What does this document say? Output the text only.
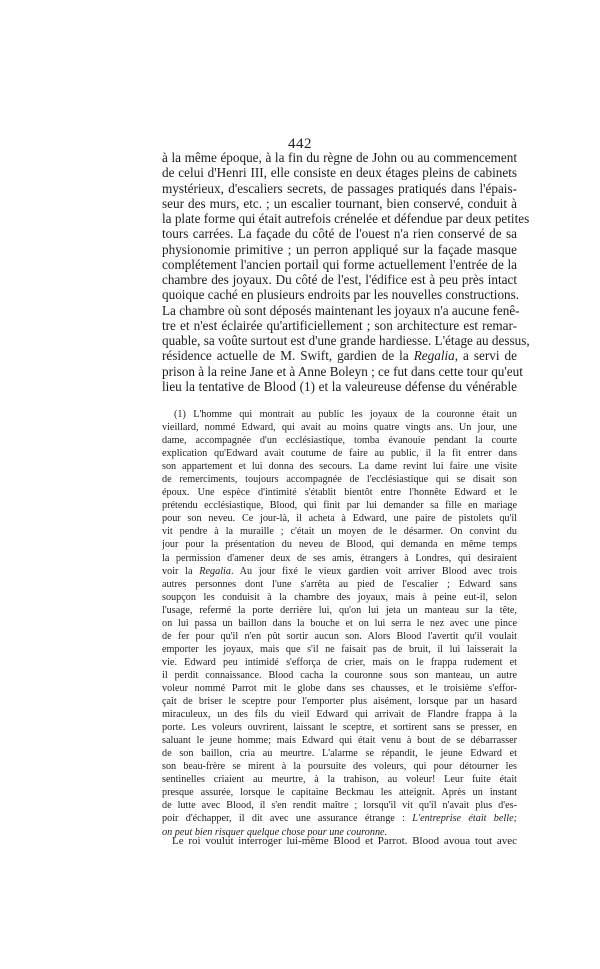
442
à la même époque, à la fin du règne de John ou au commencement
de celui d'Henri III, elle consiste en deux étages pleins de cabinets
mystérieux, d'escaliers secrets, de passages pratiqués dans l'épais-
seur des murs, etc. ; un escalier tournant, bien conservé, conduit à
la plate forme qui était autrefois crénelée et défendue par deux petites
tours carrées. La façade du côté de l'ouest n'a rien conservé de sa
physionomie primitive ; un perron appliqué sur la façade masque
complétement l'ancien portail qui forme actuellement l'entrée de la
chambre des joyaux. Du côté de l'est, l'édifice est à peu près intact
quoique caché en plusieurs endroits par les nouvelles constructions.
La chambre où sont déposés maintenant les joyaux n'a aucune fenê-
tre et n'est éclairée qu'artificiellement ; son architecture est remar-
quable, sa voûte surtout est d'une grande hardiesse. L'étage au dessus,
résidence actuelle de M. Swift, gardien de la Regalia, a servi de
prison à la reine Jane et à Anne Boleyn ; ce fut dans cette tour qu'eut
lieu la tentative de Blood (1) et la valeureuse défense du vénérable
(1) L'homme qui montrait au public les joyaux de la couronne était un
vieillard, nommé Edward, qui avait au moins quatre vingts ans. Un jour, une
dame, accompagnée d'un ecclésiastique, tomba évanouie pendant la courte
explication qu'Edward avait coutume de faire au public, il la fit entrer dans
son appartement et lui donna des secours. La dame revint lui faire une visite
de remerciments, toujours accompagnée de l'ecclésiastique qui se disait son
époux. Une espèce d'intimité s'établit bientôt entre l'honnête Edward et le
prétendu ecclésiastique, Blood, qui finit par lui demander sa fille en mariage
pour son neveu. Ce jour-là, il acheta à Edward, une paire de pistolets qu'il
vit pendre à la muraille ; c'était un moyen de le désarmer. On convint du
jour pour la présentation du neveu de Blood, qui demanda en même temps
la permission d'amener deux de ses amis, étrangers à Londres, qui desiraient
voir la Regalia. Au jour fixé le vieux gardien voit arriver Blood avec trois
autres personnes dont l'une s'arrêta au pied de l'escalier ; Edward sans
soupçon les conduisit à la chambre des joyaux, mais à peine eut-il, selon
l'usage, refermé la porte derrière lui, qu'on lui jeta un manteau sur la tête,
on lui passa un baillon dans la bouche et on lui serra le nez avec une pince
de fer pour qu'il n'en pût sortir aucun son. Alors Blood l'avertit qu'il voulait
emporter les joyaux, mais que s'il ne faisait pas de bruit, il lui laisserait la
vie. Edward peu intimidé s'efforça de crier, mais on le frappa rudement et
il perdit connaissance. Blood cacha la couronne sous son manteau, un autre
voleur nommé Parrot mit le globe dans ses chausses, et le troisième s'effor-
çait de briser le sceptre pour l'emporter plus aisément, lorsque par un hasard
miraculeux, un des fils du vieil Edward qui arrivait de Flandre frappa à la
porte. Les voleurs ouvrirent, laissant le sceptre, et sortirent sans se presser, en
saluant le jeune homme; mais Edward qui était venu à bout de se débarrasser
de son baillon, cria au meurtre. L'alarme se répandit, le jeune Edward et
son beau-frère se mirent à la poursuite des voleurs, qui pour détourner les
sentinelles criaient au meurtre, à la trahison, au voleur! Leur fuite était
presque assurée, lorsque le capitaine Beckmau les atteignit. Après un instant
de lutte avec Blood, il s'en rendit maître ; lorsqu'il vit qu'il n'avait plus d'es-
poir d'échapper, il dit avec une assurance étrange : L'entreprise était belle;
on peut bien risquer quelque chose pour une couronne.
Le roi voulut interroger lui-même Blood et Parrot. Blood avoua tout avec
